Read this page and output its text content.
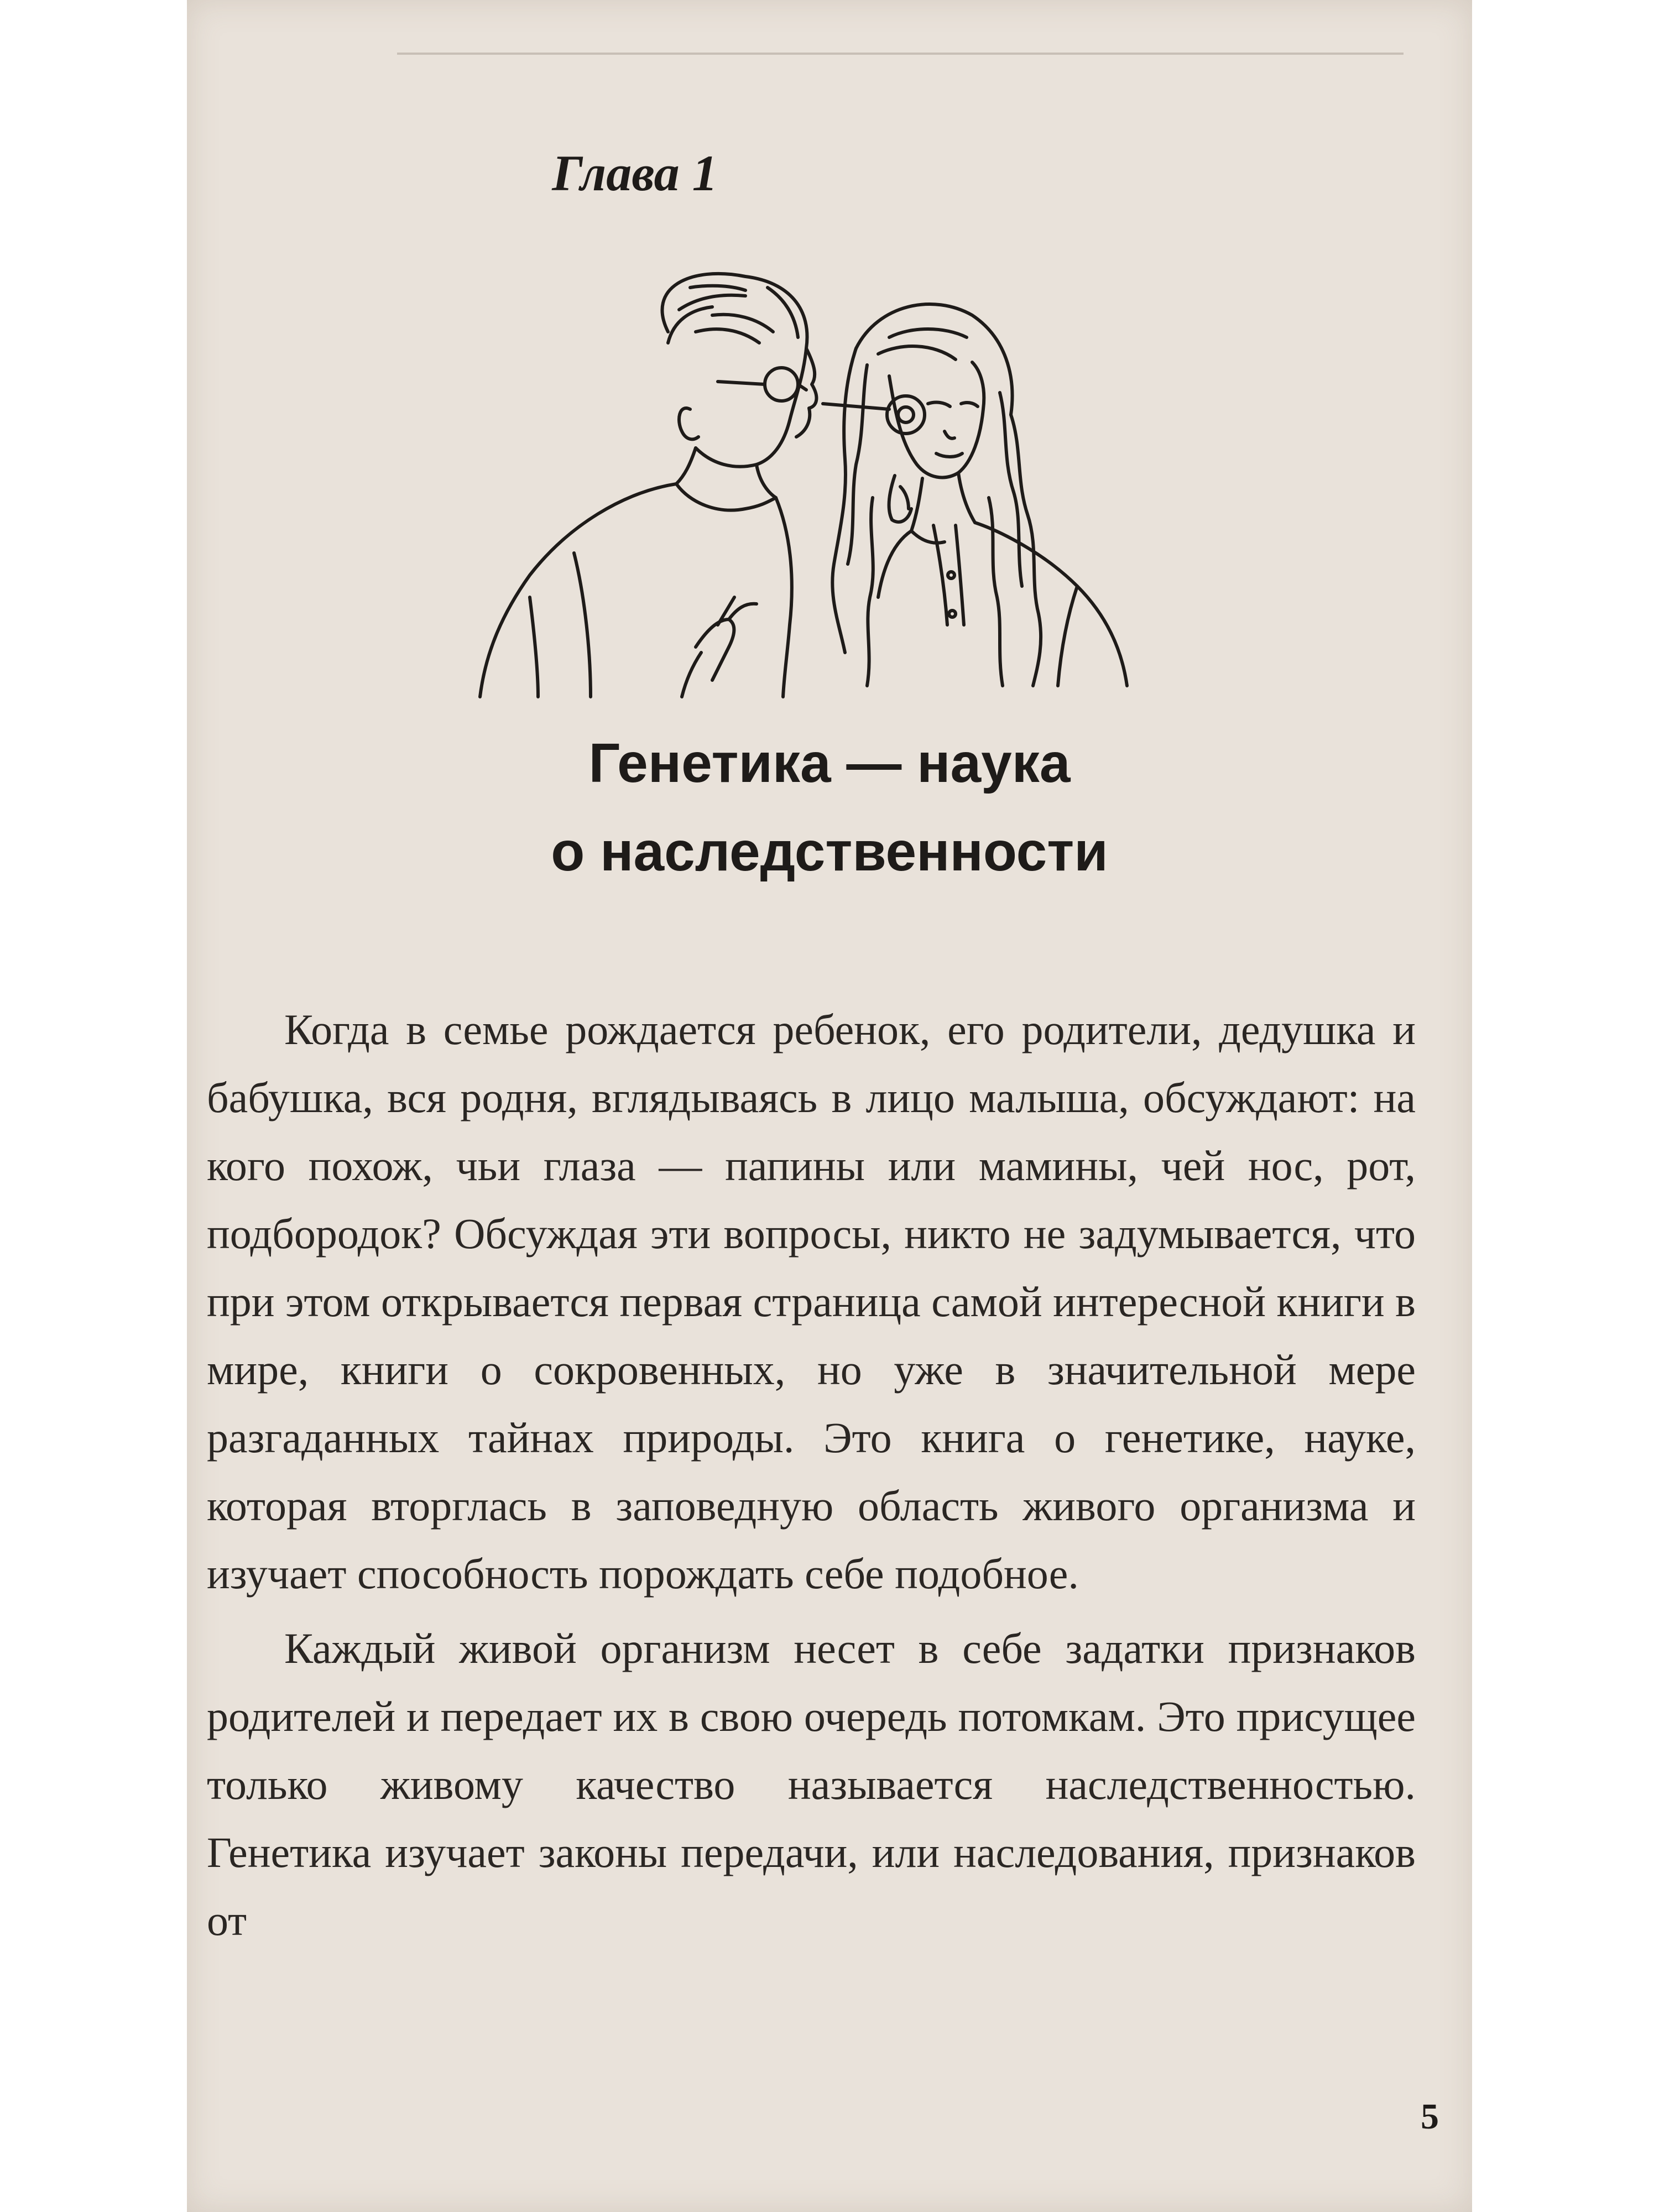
Глава 1
Генетика — наука
о наследственности

Когда в семье рождается ребенок, его родители, дедушка и бабушка, вся родня, вглядываясь в лицо малыша, обсуждают: на кого похож, чьи глаза — папины или мамины, чей нос, рот, подбородок? Обсуждая эти вопросы, никто не задумывается, что при этом открывается первая страница самой интересной книги в мире, книги о сокровенных, но уже в значительной мере разгаданных тайнах природы. Это книга о генетике, науке, которая вторглась в заповедную область живого организма и изучает способность порождать себе подобное.

Каждый живой организм несет в себе задатки признаков родителей и передает их в свою очередь потомкам. Это присущее только живому качество называется наследственностью. Генетика изучает законы передачи, или наследования, признаков от

5
